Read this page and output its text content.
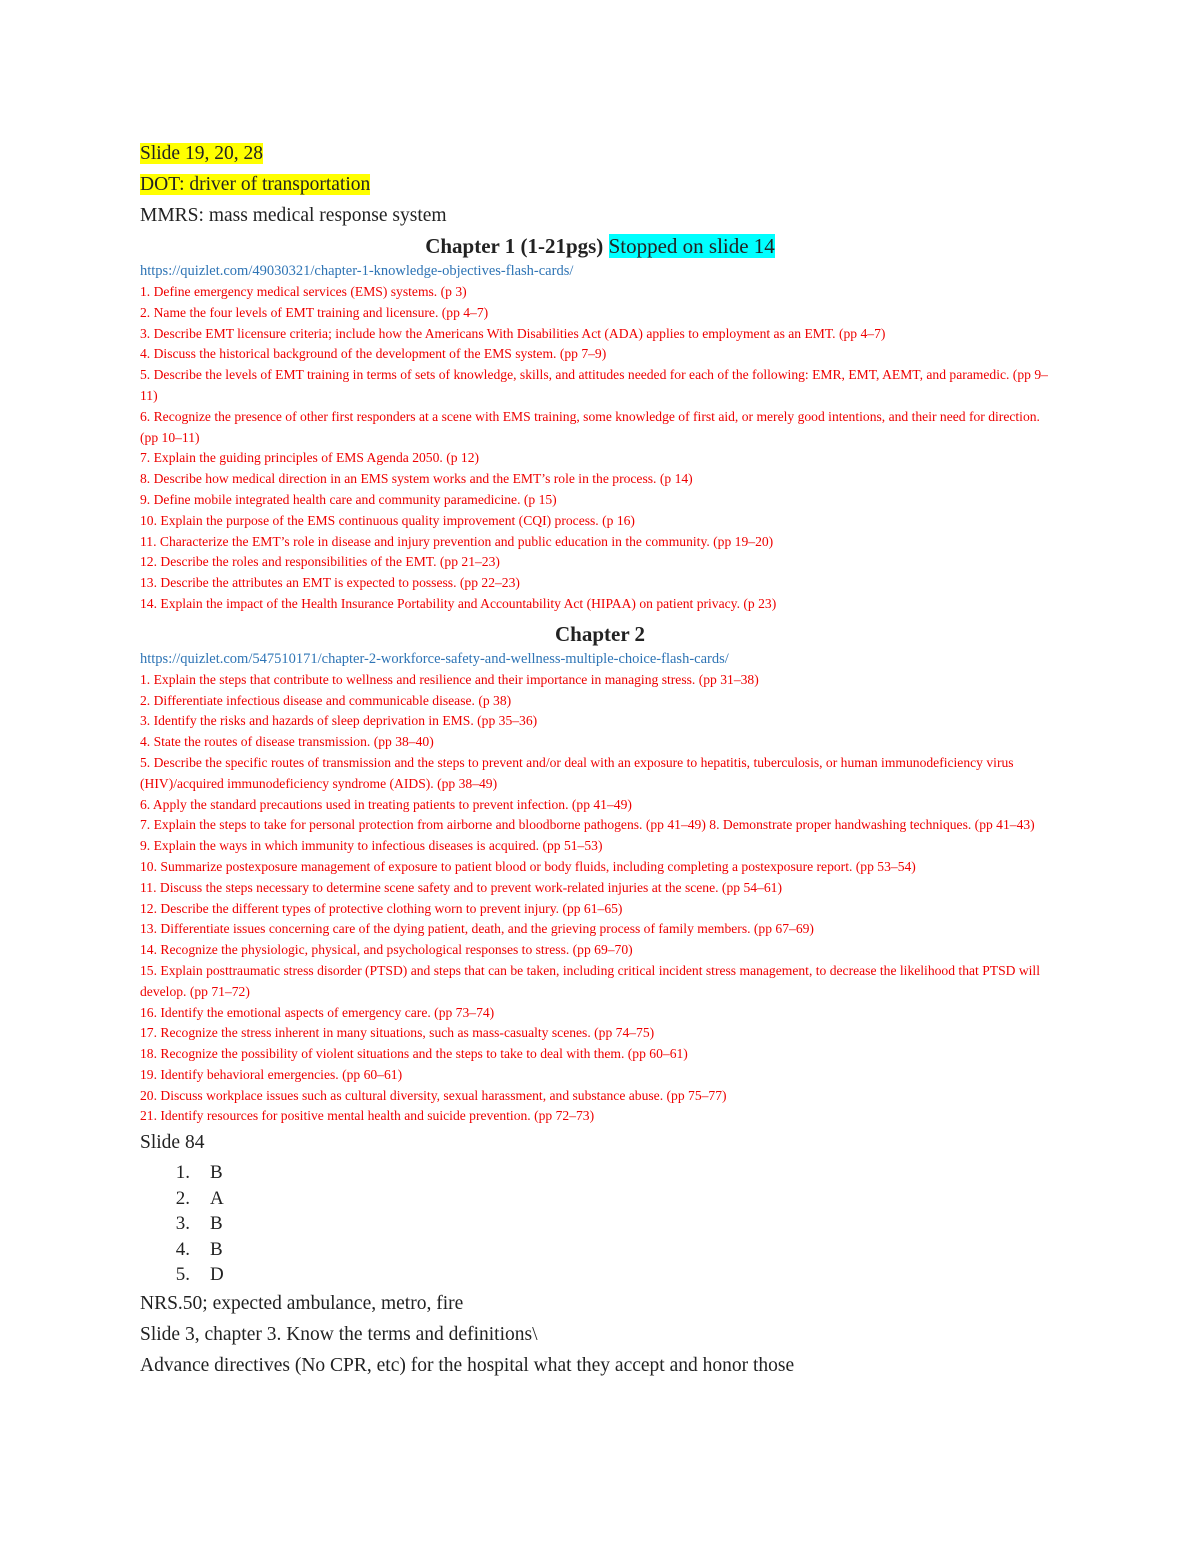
Slide 19, 20, 28
DOT: driver of transportation
MMRS: mass medical response system
Chapter 1 (1-21pgs) Stopped on slide 14
https://quizlet.com/49030321/chapter-1-knowledge-objectives-flash-cards/
1. Define emergency medical services (EMS) systems. (p 3)
2. Name the four levels of EMT training and licensure. (pp 4–7)
3. Describe EMT licensure criteria; include how the Americans With Disabilities Act (ADA) applies to employment as an EMT. (pp 4–7)
4. Discuss the historical background of the development of the EMS system. (pp 7–9)
5. Describe the levels of EMT training in terms of sets of knowledge, skills, and attitudes needed for each of the following: EMR, EMT, AEMT, and paramedic. (pp 9–11)
6. Recognize the presence of other first responders at a scene with EMS training, some knowledge of first aid, or merely good intentions, and their need for direction. (pp 10–11)
7. Explain the guiding principles of EMS Agenda 2050. (p 12)
8. Describe how medical direction in an EMS system works and the EMT’s role in the process. (p 14)
9. Define mobile integrated health care and community paramedicine. (p 15)
10. Explain the purpose of the EMS continuous quality improvement (CQI) process. (p 16)
11. Characterize the EMT’s role in disease and injury prevention and public education in the community. (pp 19–20)
12. Describe the roles and responsibilities of the EMT. (pp 21–23)
13. Describe the attributes an EMT is expected to possess. (pp 22–23)
14. Explain the impact of the Health Insurance Portability and Accountability Act (HIPAA) on patient privacy. (p 23)
Chapter 2
https://quizlet.com/547510171/chapter-2-workforce-safety-and-wellness-multiple-choice-flash-cards/
1. Explain the steps that contribute to wellness and resilience and their importance in managing stress. (pp 31–38)
2. Differentiate infectious disease and communicable disease. (p 38)
3. Identify the risks and hazards of sleep deprivation in EMS. (pp 35–36)
4. State the routes of disease transmission. (pp 38–40)
5. Describe the specific routes of transmission and the steps to prevent and/or deal with an exposure to hepatitis, tuberculosis, or human immunodeficiency virus (HIV)/acquired immunodeficiency syndrome (AIDS). (pp 38–49)
6. Apply the standard precautions used in treating patients to prevent infection. (pp 41–49)
7. Explain the steps to take for personal protection from airborne and bloodborne pathogens. (pp 41–49) 8. Demonstrate proper handwashing techniques. (pp 41–43)
9. Explain the ways in which immunity to infectious diseases is acquired. (pp 51–53)
10. Summarize postexposure management of exposure to patient blood or body fluids, including completing a postexposure report. (pp 53–54)
11. Discuss the steps necessary to determine scene safety and to prevent work-related injuries at the scene. (pp 54–61)
12. Describe the different types of protective clothing worn to prevent injury. (pp 61–65)
13. Differentiate issues concerning care of the dying patient, death, and the grieving process of family members. (pp 67–69)
14. Recognize the physiologic, physical, and psychological responses to stress. (pp 69–70)
15. Explain posttraumatic stress disorder (PTSD) and steps that can be taken, including critical incident stress management, to decrease the likelihood that PTSD will develop. (pp 71–72)
16. Identify the emotional aspects of emergency care. (pp 73–74)
17. Recognize the stress inherent in many situations, such as mass-casualty scenes. (pp 74–75)
18. Recognize the possibility of violent situations and the steps to take to deal with them. (pp 60–61)
19. Identify behavioral emergencies. (pp 60–61)
20. Discuss workplace issues such as cultural diversity, sexual harassment, and substance abuse. (pp 75–77)
21. Identify resources for positive mental health and suicide prevention. (pp 72–73)
Slide 84
1. B
2. A
3. B
4. B
5. D
NRS.50; expected ambulance, metro, fire
Slide 3, chapter 3. Know the terms and definitions\
Advance directives (No CPR, etc) for the hospital what they accept and honor those
